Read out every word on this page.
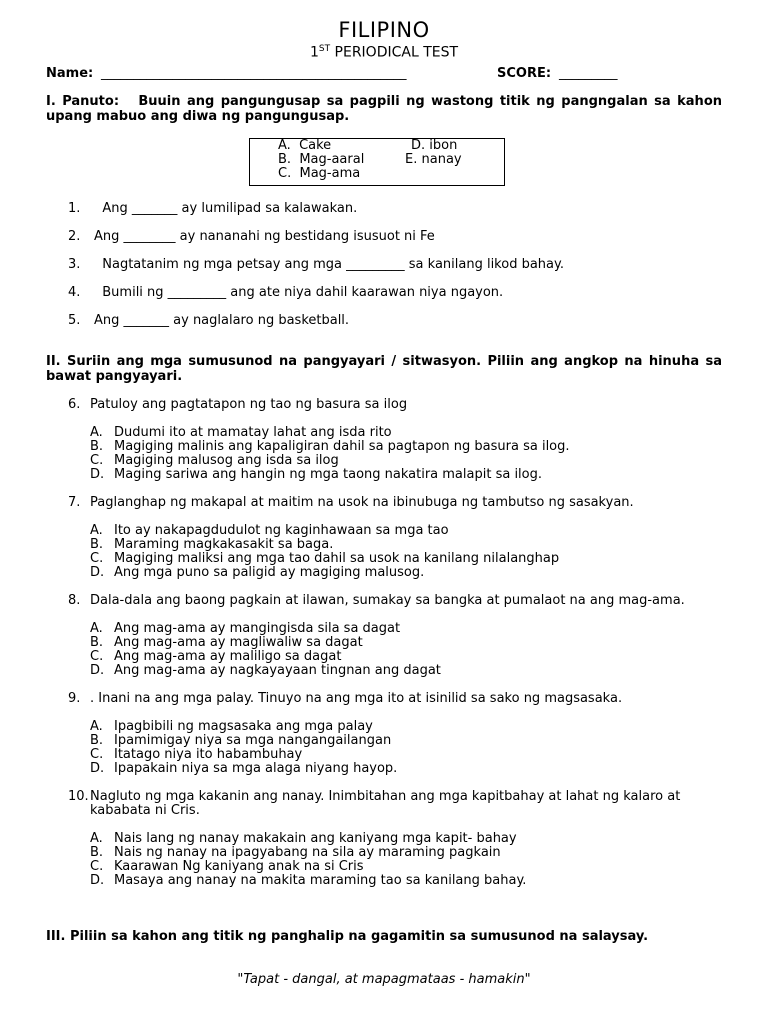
FILIPINO
1ST PERIODICAL TEST
Name: _______________________________________________	SCORE: _________
I. Panuto: Buuin ang pangungusap sa pagpili ng wastong titik ng pangngalan sa kahon upang mabuo ang diwa ng pangungusap.
A. Cake
B. Mag-aaral
C. Mag-ama
D. ibon
E. nanay
1.   Ang _______ ay lumilipad sa kalawakan.
2. Ang ________ ay nananahi ng bestidang isusuot ni Fe
3.  Nagtatanim ng mga petsay ang mga _________ sa kanilang likod bahay.
4.  Bumili ng _________ ang ate niya dahil kaarawan niya ngayon.
5. Ang _______ ay naglalaro ng basketball.
II. Suriin ang mga sumusunod na pangyayari / sitwasyon. Piliin ang angkop na hinuha sa bawat pangyayari.
6. Patuloy ang pagtatapon ng tao ng basura sa ilog
A. Dudumi ito at mamatay lahat ang isda rito
B. Magiging malinis ang kapaligiran dahil sa pagtapon ng basura sa ilog.
C. Magiging malusog ang isda sa ilog
D. Maging sariwa ang hangin ng mga taong nakatira malapit sa ilog.
7. Paglanghap ng makapal at maitim na usok na ibinubuga ng tambutso ng sasakyan.
A. Ito ay nakapagdudulot ng kaginhawaan sa mga tao
B. Maraming magkakasakit sa baga.
C. Magiging maliksi ang mga tao dahil sa usok na kanilang nilalanghap
D. Ang mga puno sa paligid ay magiging malusog.
8. Dala-dala ang baong pagkain at ilawan, sumakay sa bangka at pumalaot na ang mag-ama.
A. Ang mag-ama ay mangingisda sila sa dagat
B. Ang mag-ama ay magliwaliw sa dagat
C. Ang mag-ama ay maliligo sa dagat
D. Ang mag-ama ay nagkayayaan tingnan ang dagat
9. . Inani na ang mga palay. Tinuyo na ang mga ito at isinilid sa sako ng magsasaka.
A. Ipagbibili ng magsasaka ang mga palay
B. Ipamimigay niya sa mga nangangailangan
C. Itatago niya ito habambuhay
D. Ipapakain niya sa mga alaga niyang hayop.
10.Nagluto ng mga kakanin ang nanay. Inimbitahan ang mga kapitbahay at lahat ng kalaro at
kababata ni Cris.
A. Nais lang ng nanay makakain ang kaniyang mga kapit- bahay
B. Nais ng nanay na ipagyabang na sila ay maraming pagkain
C. Kaarawan Ng kaniyang anak na si Cris
D. Masaya ang nanay na makita maraming tao sa kanilang bahay.
III. Piliin sa kahon ang titik ng panghalip na gagamitin sa sumusunod na salaysay.
"Tapat - dangal, at mapagmataas - hamakin"
